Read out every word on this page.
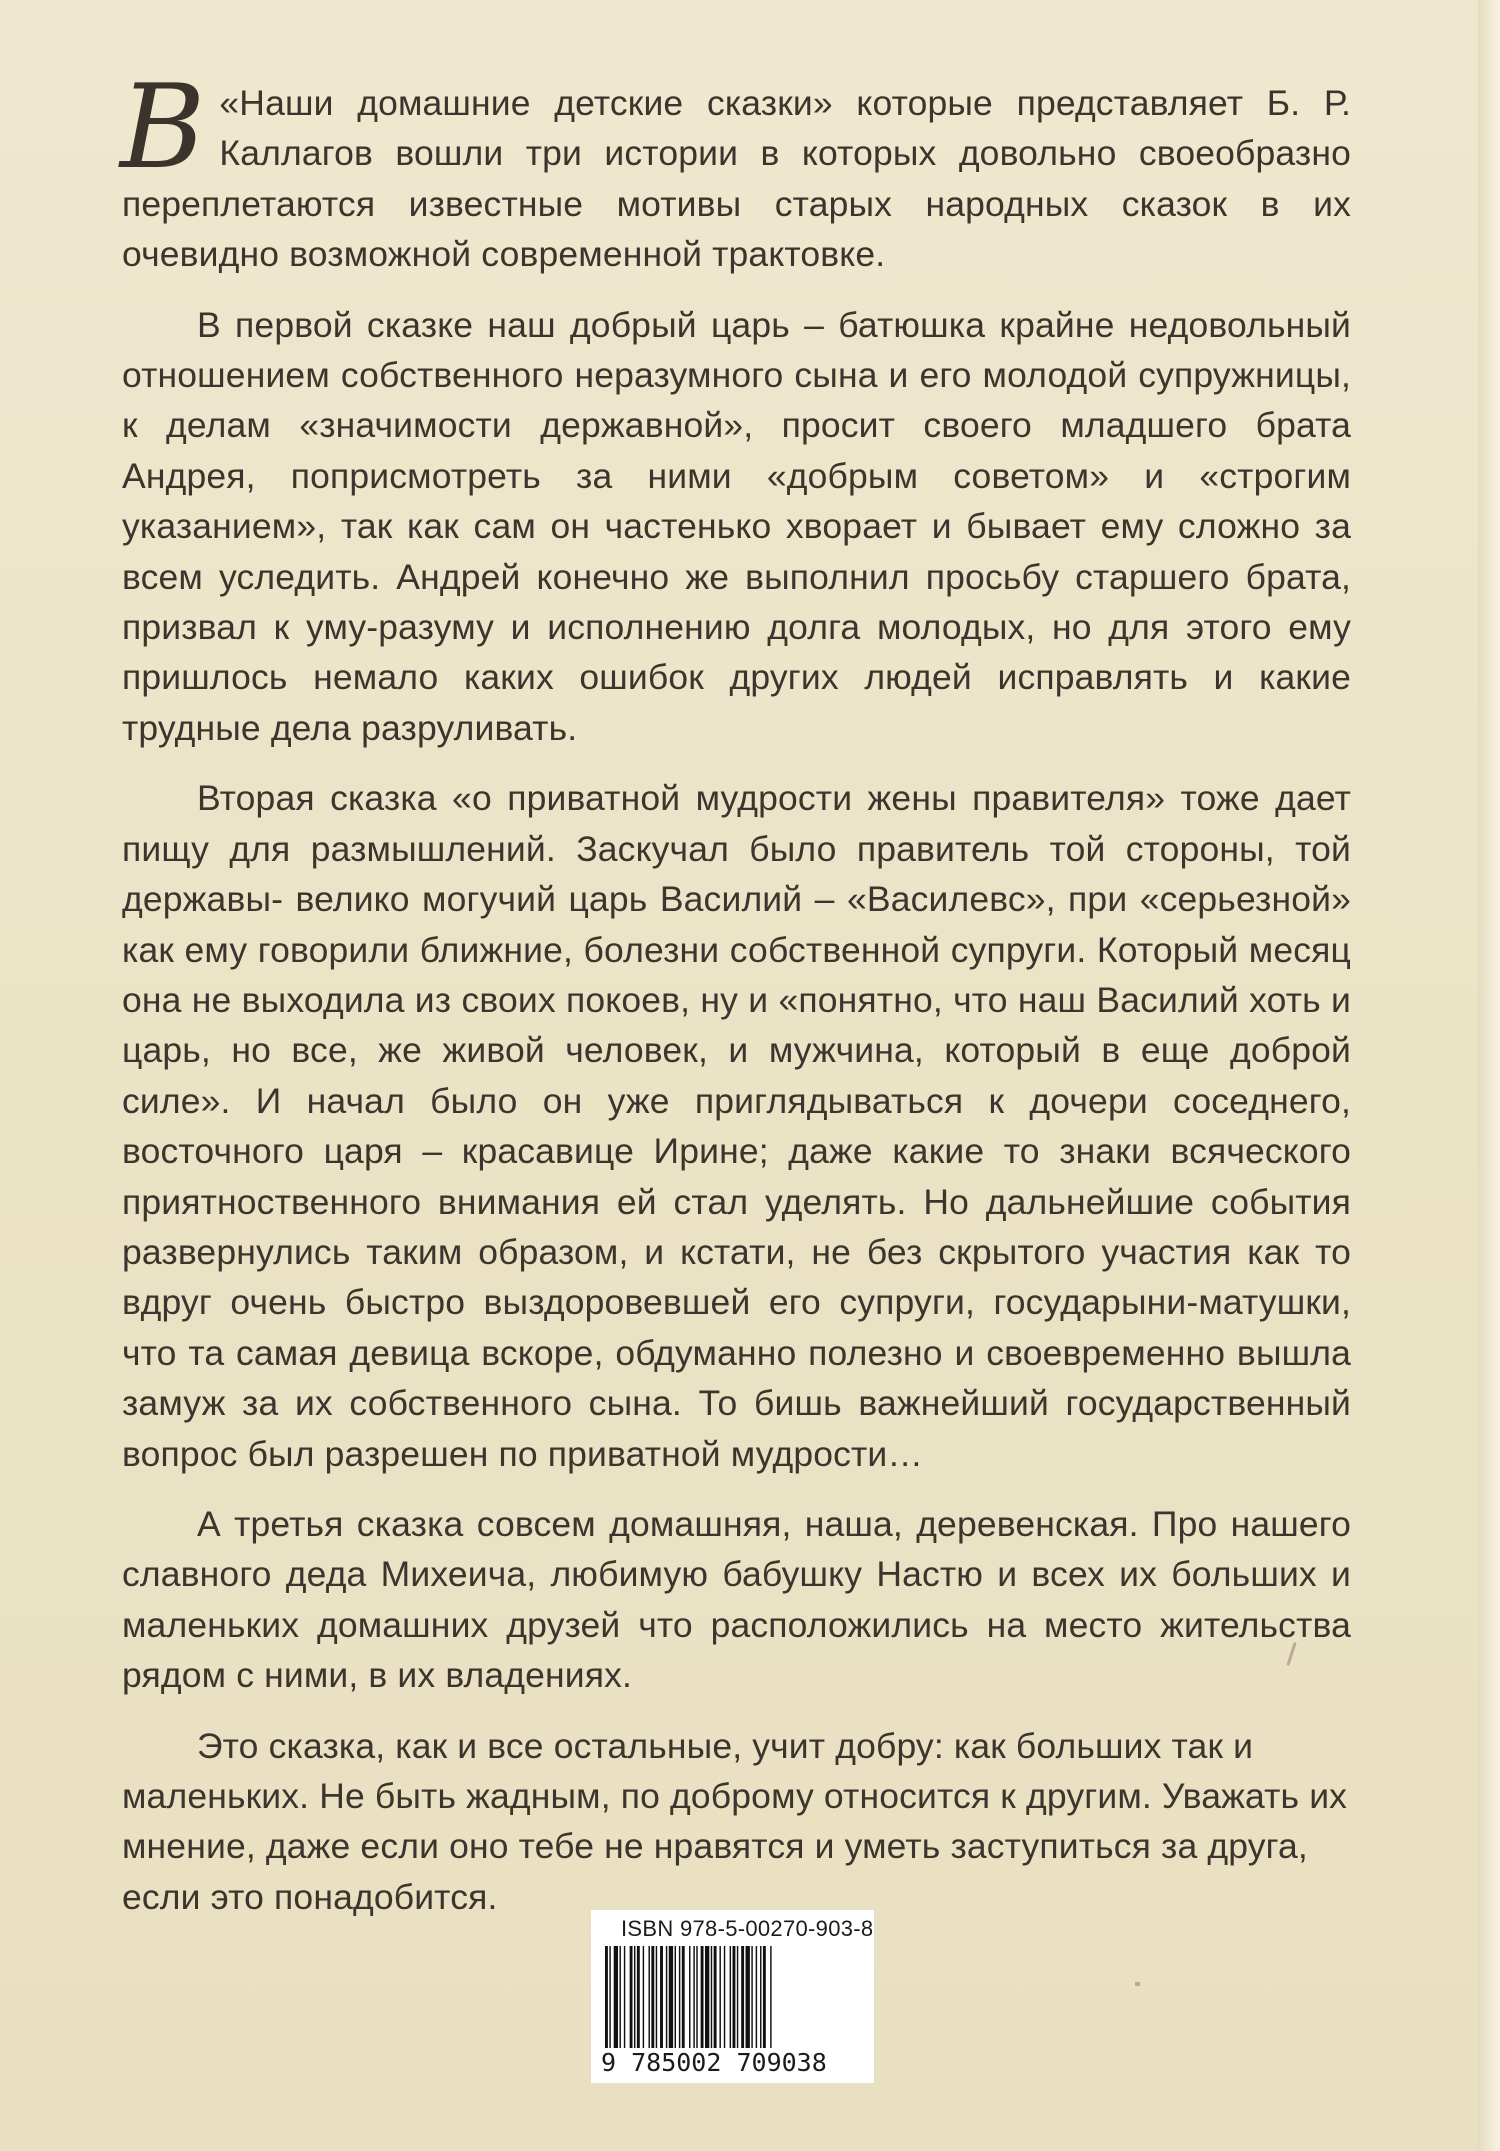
В «Наши домашние детские сказки» которые представляет Б. Р. Каллагов вошли три истории в которых довольно своеобразно переплетаются известные мотивы старых народных сказок в их очевидно возможной современной трактовке.

В первой сказке наш добрый царь – батюшка крайне недовольный отношением собственного неразумного сына и его молодой супружницы, к делам «значимости державной», просит своего младшего брата Андрея, поприсмотреть за ними «добрым советом» и «строгим указанием», так как сам он частенько хворает и бывает ему сложно за всем уследить. Андрей конечно же выполнил просьбу старшего брата, призвал к уму-разуму и исполнению долга молодых, но для этого ему пришлось немало каких ошибок других людей исправлять и какие трудные дела разруливать.

Вторая сказка «о приватной мудрости жены правителя» тоже дает пищу для размышлений. Заскучал было правитель той стороны, той державы- велико могучий царь Василий – «Василевс», при «серьезной» как ему говорили ближние, болезни собственной супруги. Который месяц она не выходила из своих покоев, ну и «понятно, что наш Василий хоть и царь, но все, же живой человек, и мужчина, который в еще доброй силе». И начал было он уже приглядываться к дочери соседнего, восточного царя – красавице Ирине; даже какие то знаки всяческого приятноственного внимания ей стал уделять. Но дальнейшие события развернулись таким образом, и кстати, не без скрытого участия как то вдруг очень быстро выздоровевшей его супруги, государыни-матушки, что та самая девица вскоре, обдуманно полезно и своевременно вышла замуж за их собственного сына. То бишь важнейший государственный вопрос был разрешен по приватной мудрости…

А третья сказка совсем домашняя, наша, деревенская. Про нашего славного деда Михеича, любимую бабушку Настю и всех их больших и маленьких домашних друзей что расположились на место жительства рядом с ними, в их владениях.

Это сказка, как и все остальные, учит добру: как больших так и маленьких. Не быть жадным, по доброму относится к другим. Уважать их мнение, даже если оно тебе не нравятся и уметь заступиться за друга, если это понадобится.

ISBN 978-5-00270-903-8
9 785002 709038
